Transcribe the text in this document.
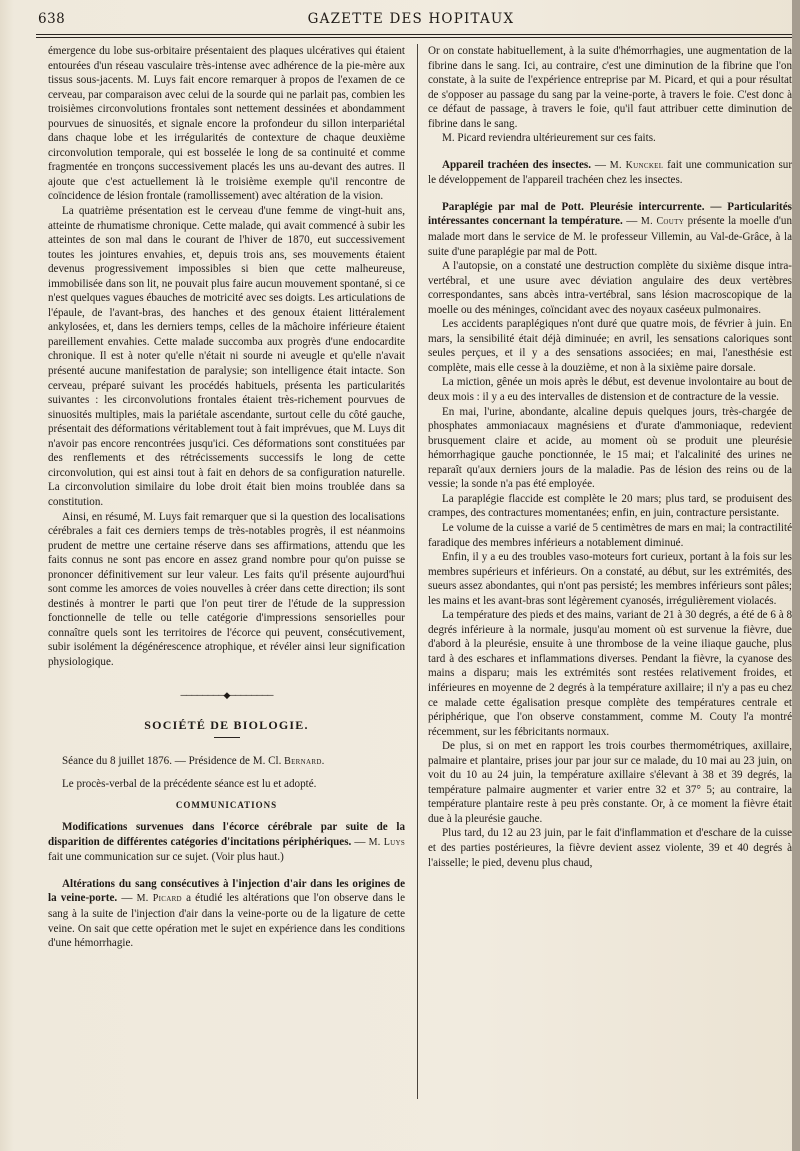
638	GAZETTE DES HOPITAUX

émergence du lobe sus-orbitaire présentaient des plaques ulcératives qui étaient entourées d'un réseau vasculaire très-intense avec adhérence de la pie-mère aux tissus sous-jacents. M. Luys fait encore remarquer à propos de l'examen de ce cerveau, par comparaison avec celui de la sourde qui ne parlait pas, combien les troisièmes circonvolutions frontales sont nettement dessinées et abondamment pourvues de sinuosités, et signale encore la profondeur du sillon interpariétal dans chaque lobe et les irrégularités de contexture de chaque deuxième circonvolution temporale, qui est bosselée le long de sa continuité et comme fragmentée en tronçons successivement placés les uns au-devant des autres. Il ajoute que c'est actuellement là le troisième exemple qu'il rencontre de coïncidence de lésion frontale (ramollissement) avec altération de la vision.

La quatrième présentation est le cerveau d'une femme de vingt-huit ans, atteinte de rhumatisme chronique. Cette malade, qui avait commencé à subir les atteintes de son mal dans le courant de l'hiver de 1870, eut successivement toutes les jointures envahies, et, depuis trois ans, ses mouvements étaient devenus progressivement impossibles si bien que cette malheureuse, immobilisée dans son lit, ne pouvait plus faire aucun mouvement spontané, si ce n'est quelques vagues ébauches de motricité avec ses doigts. Les articulations de l'épaule, de l'avant-bras, des hanches et des genoux étaient littéralement ankylosées, et, dans les derniers temps, celles de la mâchoire inférieure étaient pareillement envahies. Cette malade succomba aux progrès d'une endocardite chronique. Il est à noter qu'elle n'était ni sourde ni aveugle et qu'elle n'avait présenté aucune manifestation de paralysie; son intelligence était intacte. Son cerveau, préparé suivant les procédés habituels, présenta les particularités suivantes : les circonvolutions frontales étaient très-richement pourvues de sinuosités multiples, mais la pariétale ascendante, surtout celle du côté gauche, présentait des déformations véritablement tout à fait imprévues, que M. Luys dit n'avoir pas encore rencontrées jusqu'ici. Ces déformations sont constituées par des renflements et des rétrécissements successifs le long de cette circonvolution, qui est ainsi tout à fait en dehors de sa configuration naturelle. La circonvolution similaire du lobe droit était bien moins troublée dans sa constitution.

Ainsi, en résumé, M. Luys fait remarquer que si la question des localisations cérébrales a fait ces derniers temps de très-notables progrès, il est néanmoins prudent de mettre une certaine réserve dans ses affirmations, attendu que les faits connus ne sont pas encore en assez grand nombre pour qu'on puisse se prononcer définitivement sur leur valeur. Les faits qu'il présente aujourd'hui sont comme les amorces de voies nouvelles à créer dans cette direction; ils sont destinés à montrer le parti que l'on peut tirer de l'étude de la suppression fonctionnelle de telle ou telle catégorie d'impressions sensorielles pour connaître quels sont les territoires de l'écorce qui peuvent, consécutivement, subir isolément la dégénérescence atrophique, et révéler ainsi leur signification physiologique.

────────◆────────
SOCIÉTÉ DE BIOLOGIE.

Séance du 8 juillet 1876. — Présidence de M. Cl. Bernard.

Le procès-verbal de la précédente séance est lu et adopté.

COMMUNICATIONS

Modifications survenues dans l'écorce cérébrale par suite de la disparition de différentes catégories d'incitations périphériques. — M. Luys fait une communication sur ce sujet. (Voir plus haut.)

Altérations du sang consécutives à l'injection d'air dans les origines de la veine-porte. — M. Picard a étudié les altérations que l'on observe dans le sang à la suite de l'injection d'air dans la veine-porte ou de la ligature de cette veine. On sait que cette opération met le sujet en expérience dans les conditions d'une hémorrhagie.

Or on constate habituellement, à la suite d'hémorrhagies, une augmentation de la fibrine dans le sang. Ici, au contraire, c'est une diminution de la fibrine que l'on constate, à la suite de l'expérience entreprise par M. Picard, et qui a pour résultat de s'opposer au passage du sang par la veine-porte, à travers le foie. C'est donc à ce défaut de passage, à travers le foie, qu'il faut attribuer cette diminution de fibrine dans le sang.

M. Picard reviendra ultérieurement sur ces faits.

Appareil trachéen des insectes. — M. Kunckel fait une communication sur le développement de l'appareil trachéen chez les insectes.

Paraplégie par mal de Pott. Pleurésie intercurrente. — Particularités intéressantes concernant la température. — M. Couty présente la moelle d'un malade mort dans le service de M. le professeur Villemin, au Val-de-Grâce, à la suite d'une paraplégie par mal de Pott.

A l'autopsie, on a constaté une destruction complète du sixième disque intra-vertébral, et une usure avec déviation angulaire des deux vertèbres correspondantes, sans abcès intra-vertébral, sans lésion macroscopique de la moelle ou des méninges, coïncidant avec des noyaux caséeux pulmonaires.

Les accidents paraplégiques n'ont duré que quatre mois, de février à juin. En mars, la sensibilité était déjà diminuée; en avril, les sensations caloriques sont seules perçues, et il y a des sensations associées; en mai, l'anesthésie est complète, mais elle cesse à la douzième, et non à la sixième paire dorsale.

La miction, gênée un mois après le début, est devenue involontaire au bout de deux mois : il y a eu des intervalles de distension et de contracture de la vessie.

En mai, l'urine, abondante, alcaline depuis quelques jours, très-chargée de phosphates ammoniacaux magnésiens et d'urate d'ammoniaque, redevient brusquement claire et acide, au moment où se produit une pleurésie hémorrhagique gauche ponctionnée, le 15 mai; et l'alcalinité des urines ne reparaît qu'aux derniers jours de la maladie. Pas de lésion des reins ou de la vessie; la sonde n'a pas été employée.

La paraplégie flaccide est complète le 20 mars; plus tard, se produisent des crampes, des contractures momentanées; enfin, en juin, contracture persistante.

Le volume de la cuisse a varié de 5 centimètres de mars en mai; la contractilité faradique des membres inférieurs a notablement diminué.

Enfin, il y a eu des troubles vaso-moteurs fort curieux, portant à la fois sur les membres supérieurs et inférieurs. On a constaté, au début, sur les extrémités, des sueurs assez abondantes, qui n'ont pas persisté; les membres inférieurs sont pâles; les mains et les avant-bras sont légèrement cyanosés, irrégulièrement violacés.

La température des pieds et des mains, variant de 21 à 30 degrés, a été de 6 à 8 degrés inférieure à la normale, jusqu'au moment où est survenue la fièvre, due d'abord à la pleurésie, ensuite à une thrombose de la veine iliaque gauche, plus tard à des eschares et inflammations diverses. Pendant la fièvre, la cyanose des mains a disparu; mais les extrémités sont restées relativement froides, et inférieures en moyenne de 2 degrés à la température axillaire; il n'y a pas eu chez ce malade cette égalisation presque complète des températures centrale et périphérique, que l'on observe constamment, comme M. Couty l'a montré récemment, sur les fébricitants normaux.

De plus, si on met en rapport les trois courbes thermométriques, axillaire, palmaire et plantaire, prises jour par jour sur ce malade, du 10 mai au 23 juin, on voit du 10 au 24 juin, la température axillaire s'élevant à 38 et 39 degrés, la température palmaire augmenter et varier entre 32 et 37° 5; au contraire, la température plantaire reste à peu près constante. Or, à ce moment la fièvre était due à la pleurésie gauche.

Plus tard, du 12 au 23 juin, par le fait d'inflammation et d'eschare de la cuisse et des parties postérieures, la fièvre devient assez violente, 39 et 40 degrés à l'aisselle; le pied, devenu plus chaud,
